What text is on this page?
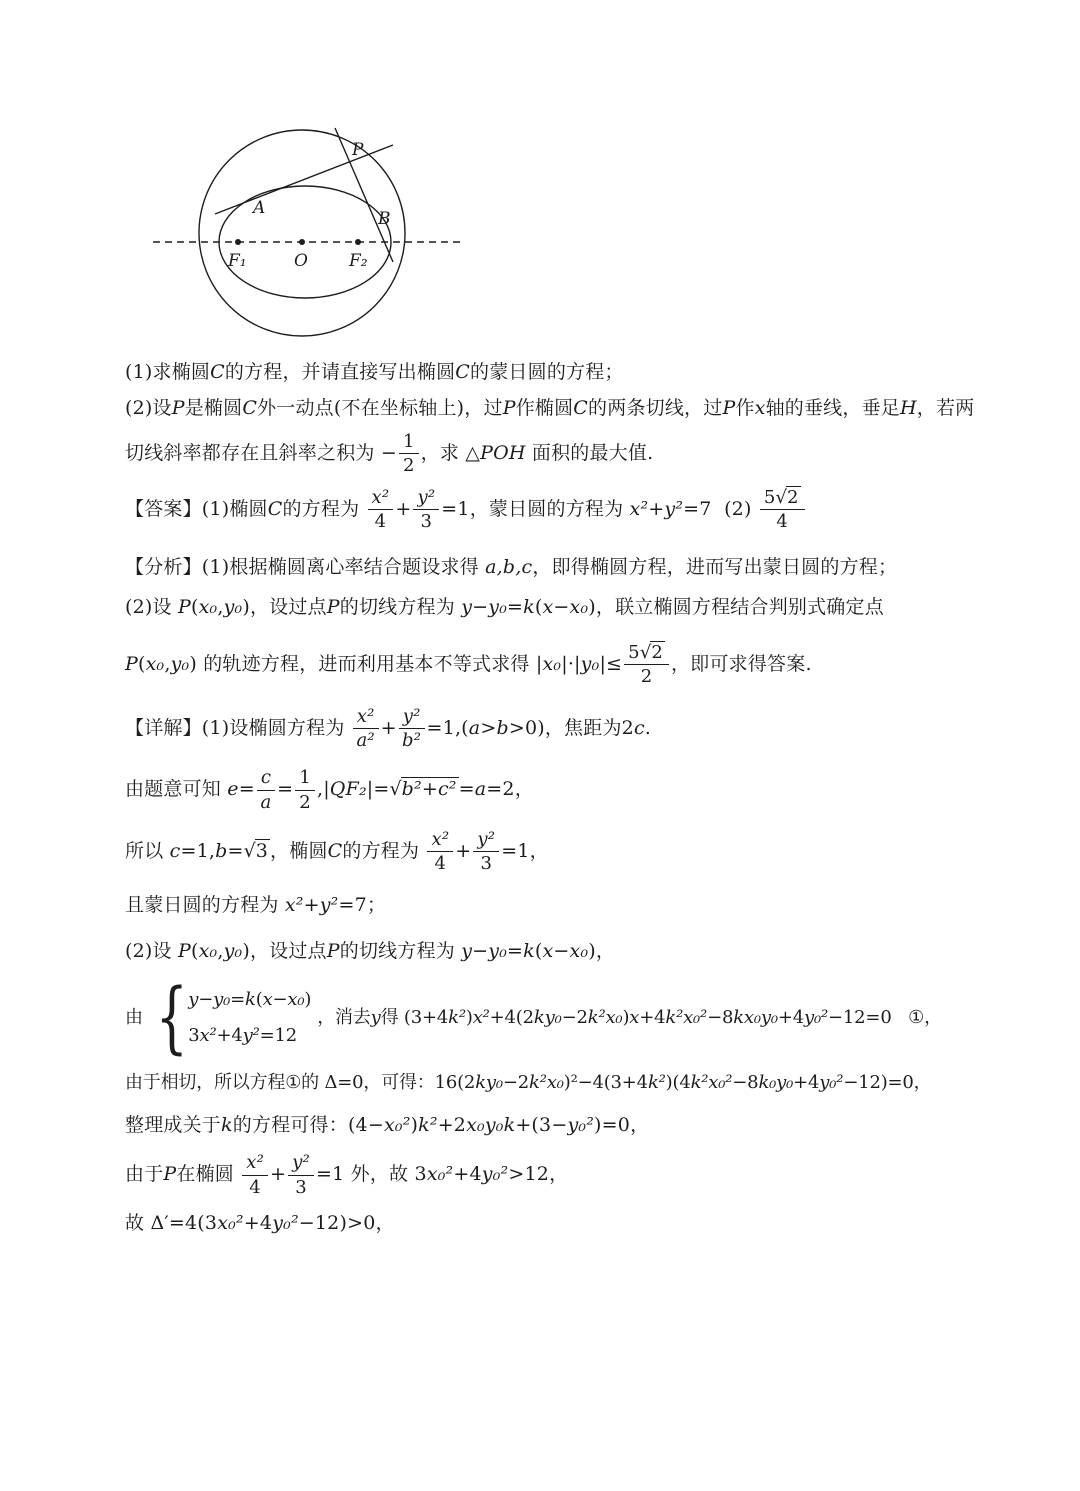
P
A
B
F₁	O F₂
(1)求椭圆C的方程，并请直接写出椭圆C的蒙日圆的方程；
(2)设P是椭圆C外一动点(不在坐标轴上)，过P作椭圆C的两条切线，过P作x轴的垂线，垂足H，若两
切线斜率都存在且斜率之积为 − $\frac{1}{2}$ ，求 △POH 面积的最大值.
【答案】(1)椭圆C的方程为 $\frac{\text{x²}}{4} + \frac{\text{y²}}{3} =1$，蒙日圆的方程为 x²+y²=7  $(2) \frac{5√2}{4}$
【分析】(1)根据椭圆离心率结合题设求得 a,b,c，即得椭圆方程，进而写出蒙日圆的方程；
(2)设 P(x₀,y₀)，设过点P的切线方程为 y−y₀=k(x−x₀)，联立椭圆方程结合判别式确定点
P(x₀,y₀) 的轨迹方程，进而利用基本不等式求得 $|x_0|\cdot|y_0|\le \frac{5√2}{2}$ ，即可求得答案.
【详解】(1)设椭圆方程为 $\frac{\text{x²}}{\text{a²}} + \frac{\text{y²}}{\text{b²}} =1,(a>b>0)$，焦距为2c.
由题意可知 $e= \frac{c}{a} = \frac{1}{2} ,|QF_2|=√b^2+c^2 =a=2$，
所以 c=1,b=√3 ，椭圆C的方程为 $\frac{\text{x²}}{4} + \frac{\text{y²}}{3} =1$，
且蒙日圆的方程为 x²+y²=7；
(2)设 P(x₀,y₀)，设过点P的切线方程为 y−y₀=k(x−x₀)，
由 { y−y₀=k(x−x₀)
3x²+4y²=12
，消去y得 (3+4k²)x²+4(2ky₀−2k²x₀)x+4k²x₀²−8kx₀y₀+4y₀²−12=0   ①，
由于相切，所以方程①的 Δ=0，可得：16(2ky₀−2k²x₀)²−4(3+4k²)(4k²x₀²−8k₀y₀+4y₀²−12)=0，
整理成关于k的方程可得：(4−x₀²)k²+2x₀y₀k+(3−y₀²)=0，
由于P在椭圆 $\frac{\text{x²}}{4} + \frac{\text{y²}}{3} =1$ 外，故 3x₀²+4y₀²>12，
故 Δ′=4(3x₀²+4y₀²−12)>0，
